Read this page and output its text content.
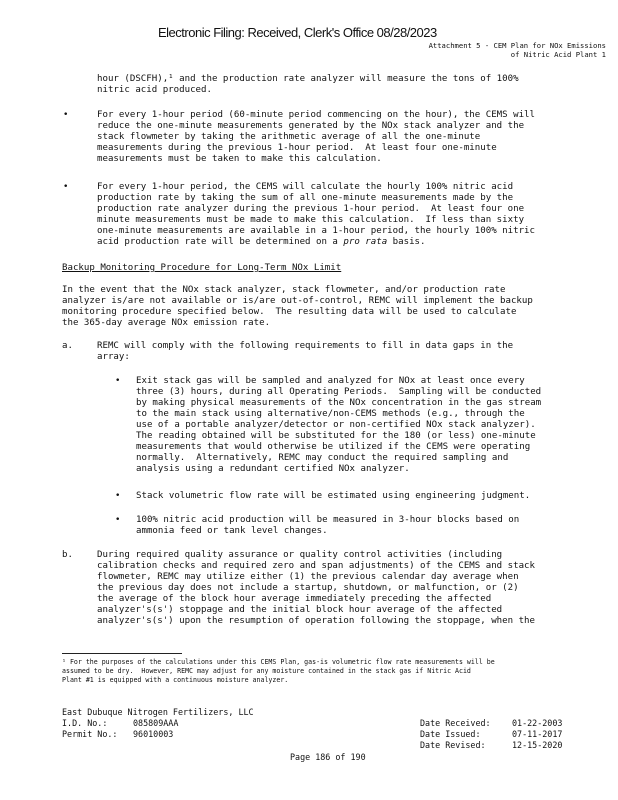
Electronic Filing: Received, Clerk's Office 08/28/2023
Attachment 5 - CEM Plan for NOx Emissions
of Nitric Acid Plant 1
hour (DSCFH),¹ and the production rate analyzer will measure the tons of 100%
nitric acid produced.
•	For every 1-hour period (60-minute period commencing on the hour), the CEMS will
reduce the one-minute measurements generated by the NOx stack analyzer and the
stack flowmeter by taking the arithmetic average of all the one-minute
measurements during the previous 1-hour period.  At least four one-minute
measurements must be taken to make this calculation.
•	For every 1-hour period, the CEMS will calculate the hourly 100% nitric acid
production rate by taking the sum of all one-minute measurements made by the
production rate analyzer during the previous 1-hour period.  At least four one
minute measurements must be made to make this calculation.  If less than sixty
one-minute measurements are available in a 1-hour period, the hourly 100% nitric
acid production rate will be determined on a pro rata basis.
Backup Monitoring Procedure for Long-Term NOx Limit
In the event that the NOx stack analyzer, stack flowmeter, and/or production rate
analyzer is/are not available or is/are out-of-control, REMC will implement the backup
monitoring procedure specified below.  The resulting data will be used to calculate
the 365-day average NOx emission rate.
a.	REMC will comply with the following requirements to fill in data gaps in the
array:
• Exit stack gas will be sampled and analyzed for NOx at least once every
three (3) hours, during all Operating Periods.  Sampling will be conducted
by making physical measurements of the NOx concentration in the gas stream
to the main stack using alternative/non-CEMS methods (e.g., through the
use of a portable analyzer/detector or non-certified NOx stack analyzer).
The reading obtained will be substituted for the 180 (or less) one-minute
measurements that would otherwise be utilized if the CEMS were operating
normally.  Alternatively, REMC may conduct the required sampling and
analysis using a redundant certified NOx analyzer.
• Stack volumetric flow rate will be estimated using engineering judgment.
• 100% nitric acid production will be measured in 3-hour blocks based on
ammonia feed or tank level changes.
b.	During required quality assurance or quality control activities (including
calibration checks and required zero and span adjustments) of the CEMS and stack
flowmeter, REMC may utilize either (1) the previous calendar day average when
the previous day does not include a startup, shutdown, or malfunction, or (2)
the average of the block hour average immediately preceding the affected
analyzer's(s') stoppage and the initial block hour average of the affected
analyzer's(s') upon the resumption of operation following the stoppage, when the
¹ For the purposes of the calculations under this CEMS Plan, gas-is volumetric flow rate measurements will be
assumed to be dry.  However, REMC may adjust for any moisture contained in the stack gas if Nitric Acid
Plant #1 is equipped with a continuous moisture analyzer.
East Dubuque Nitrogen Fertilizers, LLC
I.D. No.:	085809AAA
Permit No.: 96010003
Date Received:	01-22-2003
Date Issued:	07-11-2017
Date Revised:	12-15-2020
Page 186 of 190
